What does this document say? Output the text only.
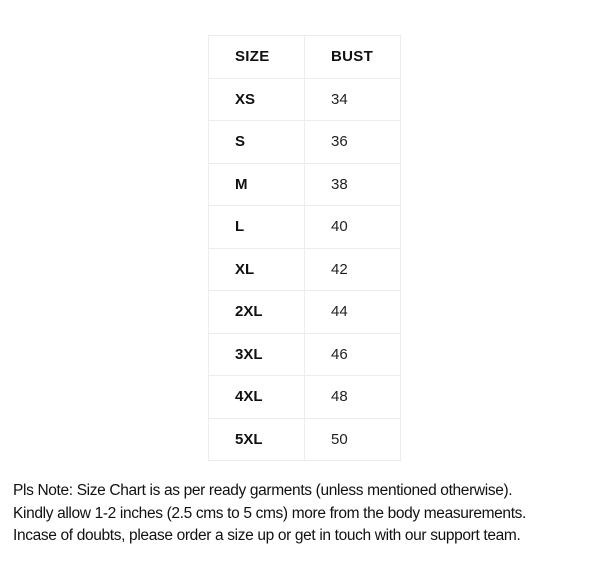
SIZE	BUST
XS	34
S	36
M	38
L	40
XL	42
2XL	44
3XL	46
4XL	48
5XL	50

Pls Note: Size Chart is as per ready garments (unless mentioned otherwise).

Kindly allow 1-2 inches (2.5 cms to 5 cms) more from the body measurements.

Incase of doubts, please order a size up or get in touch with our support team.
